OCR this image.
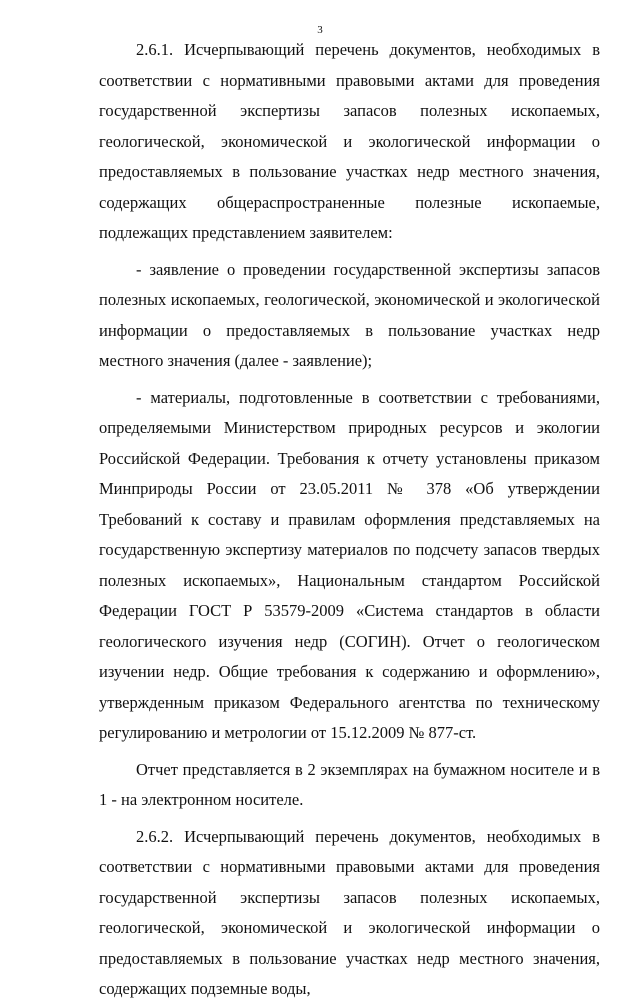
3

2.6.1. Исчерпывающий перечень документов, необходимых в соответствии с нормативными правовыми актами для проведения государственной экспертизы запасов полезных ископаемых, геологической, экономической и экологической информации о предоставляемых в пользование участках недр местного значения, содержащих общераспространенные полезные ископаемые, подлежащих представлением заявителем:

- заявление о проведении государственной экспертизы запасов полезных ископаемых, геологической, экономической и экологической информации о предоставляемых в пользование участках недр местного значения (далее - заявление);

- материалы, подготовленные в соответствии с требованиями, определяемыми Министерством природных ресурсов и экологии Российской Федерации. Требования к отчету установлены приказом Минприроды России от 23.05.2011 № 378 «Об утверждении Требований к составу и правилам оформления представляемых на государственную экспертизу материалов по подсчету запасов твердых полезных ископаемых», Национальным стандартом Российской Федерации ГОСТ Р 53579-2009 «Система стандартов в области геологического изучения недр (СОГИН). Отчет о геологическом изучении недр. Общие требования к содержанию и оформлению», утвержденным приказом Федерального агентства по техническому регулированию и метрологии от 15.12.2009 № 877-ст.

Отчет представляется в 2 экземплярах на бумажном носителе и в 1 - на электронном носителе.

2.6.2. Исчерпывающий перечень документов, необходимых в соответствии с нормативными правовыми актами для проведения государственной экспертизы запасов полезных ископаемых, геологической, экономической и экологической информации о предоставляемых в пользование участках недр местного значения, содержащих подземные воды,
